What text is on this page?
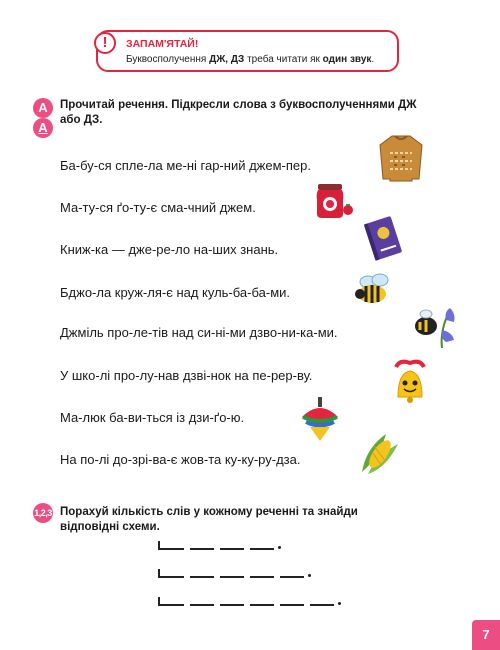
!	ЗАПАМ'ЯТАЙ!
Буквосполучення ДЖ, ДЗ треба читати як один звук.
A
A
Прочитай речення. Підкресли слова з буквосполученнями ДЖ або ДЗ.
Ба-бу-ся спле-ла ме-ні гар-ний джем-пер.
Ма-ту-ся ґо-ту-є сма-чний джем.
Книж-ка — дже-ре-ло на-ших знань.
Бджо-ла круж-ля-є над куль-ба-ба-ми.
Джміль про-ле-тів над си-ні-ми дзво-ни-ка-ми.
У шко-лі про-лу-нав дзві-нок на пе-рер-ву.
Ма-люк ба-ви-ться із дзи-ґо-ю.
На по-лі до-зрі-ва-є жов-та ку-ку-ру-дза.
1,2,3 Порахуй кількість слів у кожному реченні та знайди відповідні схеми.
7
